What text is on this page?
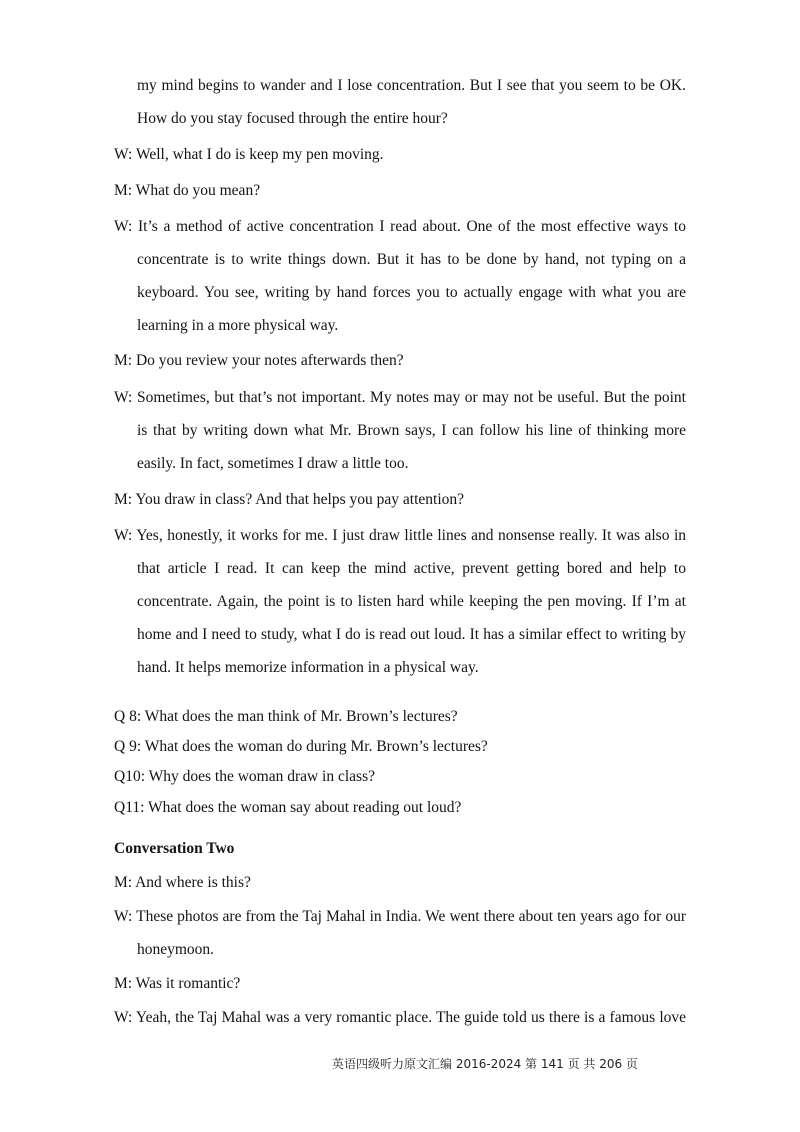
my mind begins to wander and I lose concentration. But I see that you seem to be OK.
How do you stay focused through the entire hour?
W: Well, what I do is keep my pen moving.
M: What do you mean?
W: It’s a method of active concentration I read about. One of the most effective ways to
concentrate is to write things down. But it has to be done by hand, not typing on a
keyboard. You see, writing by hand forces you to actually engage with what you are
learning in a more physical way.
M: Do you review your notes afterwards then?
W: Sometimes, but that’s not important. My notes may or may not be useful. But the point
is that by writing down what Mr. Brown says, I can follow his line of thinking more
easily. In fact, sometimes I draw a little too.
M: You draw in class? And that helps you pay attention?
W: Yes, honestly, it works for me. I just draw little lines and nonsense really. It was also in
that article I read. It can keep the mind active, prevent getting bored and help to
concentrate. Again, the point is to listen hard while keeping the pen moving. If I’m at
home and I need to study, what I do is read out loud. It has a similar effect to writing by
hand. It helps memorize information in a physical way.
Q 8: What does the man think of Mr. Brown’s lectures?
Q 9: What does the woman do during Mr. Brown’s lectures?
Q10: Why does the woman draw in class?
Q11: What does the woman say about reading out loud?
Conversation Two
M: And where is this?
W: These photos are from the Taj Mahal in India. We went there about ten years ago for our
honeymoon.
M: Was it romantic?
W: Yeah, the Taj Mahal was a very romantic place. The guide told us there is a famous love
英语四级听力原文汇编 2016-2024 第 141 页 共 206 页
